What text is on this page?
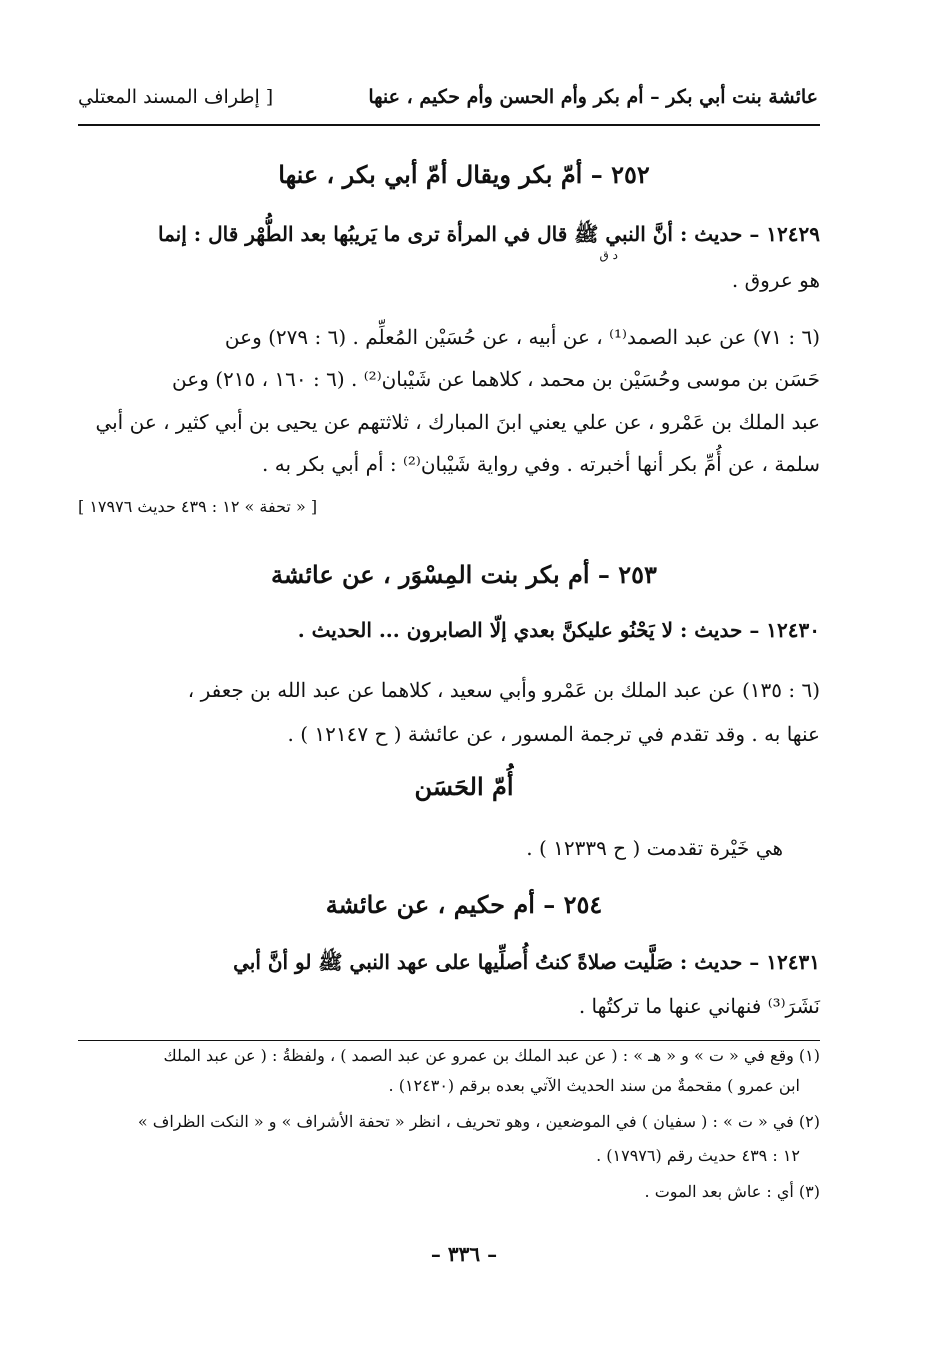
عائشة بنت أبي بكر – أم بكر وأم الحسن وأم حكيم ، عنها
[ إطراف المسند المعتلي
٢٥٢ – أمّ بكر ويقال أمّ أبي بكر ، عنها
١٢٤٢٩ – حديث : أنَّ النبي ﷺ قال في المرأة ترى ما يَريبُها بعد الطُّهْر قال : إنما
د ق
هو عروق .
(٦ : ٧١) عن عبد الصمد⁽¹⁾ ، عن أبيه ، عن حُسَيْن المُعلِّم . (٦ : ٢٧٩) وعن
حَسَن بن موسى وحُسَيْن بن محمد ، كلاهما عن شَيْبان⁽²⁾ . (٦ : ١٦٠ ، ٢١٥) وعن
عبد الملك بن عَمْرو ، عن علي يعني ابنَ المبارك ، ثلاثتهم عن يحيى بن أبي كثير ، عن أبي
سلمة ، عن أُمِّ بكر أنها أخبرته . وفي رواية شَيْبان⁽²⁾ : أم أبي بكر به .
[ « تحفة » ١٢ : ٤٣٩ حديث ١٧٩٧٦ ]
٢٥٣ – أم بكر بنت المِسْوَر ، عن عائشة
١٢٤٣٠ – حديث : لا يَحْنُو عليكنَّ بعدي إلّا الصابرون ... الحديث .
(٦ : ١٣٥) عن عبد الملك بن عَمْرو وأبي سعيد ، كلاهما عن عبد الله بن جعفر ،
عنها به . وقد تقدم في ترجمة المسور ، عن عائشة ( ح ١٢١٤٧ ) .
أُمّ الحَسَن
هي خَيْرة تقدمت ( ح ١٢٣٣٩ ) .
٢٥٤ – أم حكيم ، عن عائشة
١٢٤٣١ – حديث : صَلَّيت صلاةً كنتُ أُصلِّيها على عهد النبي ﷺ لو أنَّ أبي
نَشَرَ⁽³⁾ فنهاني عنها ما تركتُها .
(١) وقع في « ت » و « هـ » : ( عن عبد الملك بن عمرو عن عبد الصمد ) ، ولفظةُ : ( عن عبد الملك
ابن عمرو ) مقحمةٌ من سند الحديث الآتي بعده برقم (١٢٤٣٠) .
(٢) في « ت » : ( سفيان ) في الموضعين ، وهو تحريف ، انظر « تحفة الأشراف » و « النكت الظراف »
١٢ : ٤٣٩ حديث رقم (١٧٩٧٦) .
(٣) أي : عاش بعد الموت .
– ٣٣٦ –
